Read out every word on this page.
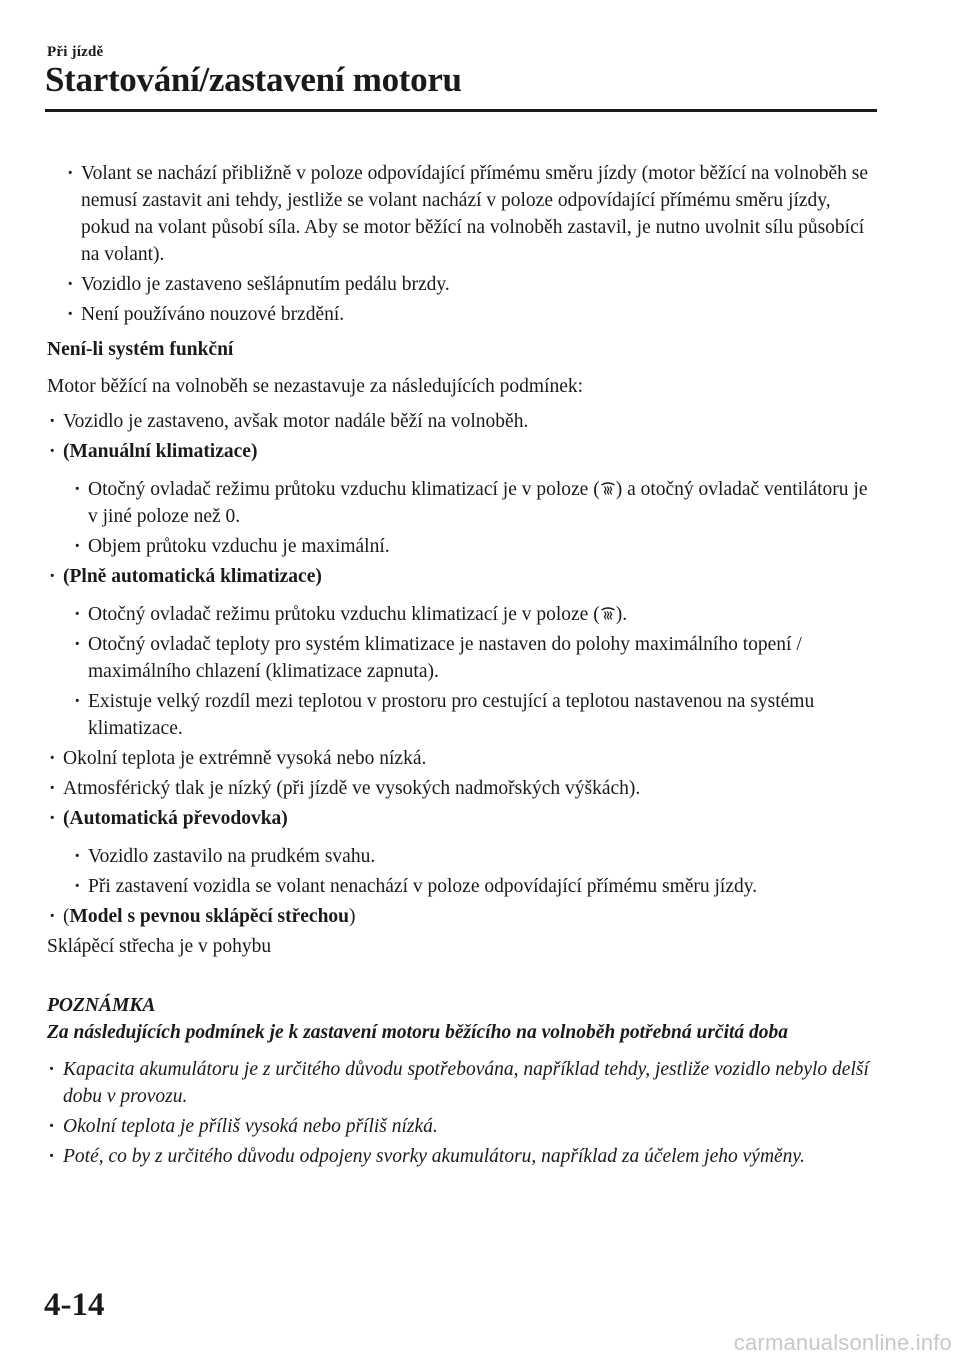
Při jízdě
Startování/zastavení motoru
· Volant se nachází přibližně v poloze odpovídající přímému směru jízdy (motor běžící na volnoběh se nemusí zastavit ani tehdy, jestliže se volant nachází v poloze odpovídající přímému směru jízdy, pokud na volant působí síla. Aby se motor běžící na volnoběh zastavil, je nutno uvolnit sílu působící na volant).
· Vozidlo je zastaveno sešlápnutím pedálu brzdy.
· Není používáno nouzové brzdění.
Není-li systém funkční
Motor běžící na volnoběh se nezastavuje za následujících podmínek:
· Vozidlo je zastaveno, avšak motor nadále běží na volnoběh.
· (Manuální klimatizace)
· Otočný ovladač režimu průtoku vzduchu klimatizací je v poloze ( ) a otočný ovladač ventilátoru je v jiné poloze než 0.
· Objem průtoku vzduchu je maximální.
· (Plně automatická klimatizace)
· Otočný ovladač režimu průtoku vzduchu klimatizací je v poloze ( ).
· Otočný ovladač teploty pro systém klimatizace je nastaven do polohy maximálního topení / maximálního chlazení (klimatizace zapnuta).
· Existuje velký rozdíl mezi teplotou v prostoru pro cestující a teplotou nastavenou na systému klimatizace.
· Okolní teplota je extrémně vysoká nebo nízká.
· Atmosférický tlak je nízký (při jízdě ve vysokých nadmořských výškách).
· (Automatická převodovka)
· Vozidlo zastavilo na prudkém svahu.
· Při zastavení vozidla se volant nenachází v poloze odpovídající přímému směru jízdy.
· (Model s pevnou sklápěcí střechou)
Sklápěcí střecha je v pohybu
POZNÁMKA
Za následujících podmínek je k zastavení motoru běžícího na volnoběh potřebná určitá doba
· Kapacita akumulátoru je z určitého důvodu spotřebována, například tehdy, jestliže vozidlo nebylo delší dobu v provozu.
· Okolní teplota je příliš vysoká nebo příliš nízká.
· Poté, co by z určitého důvodu odpojeny svorky akumulátoru, například za účelem jeho výměny.
4-14
carmanualsonline.info
